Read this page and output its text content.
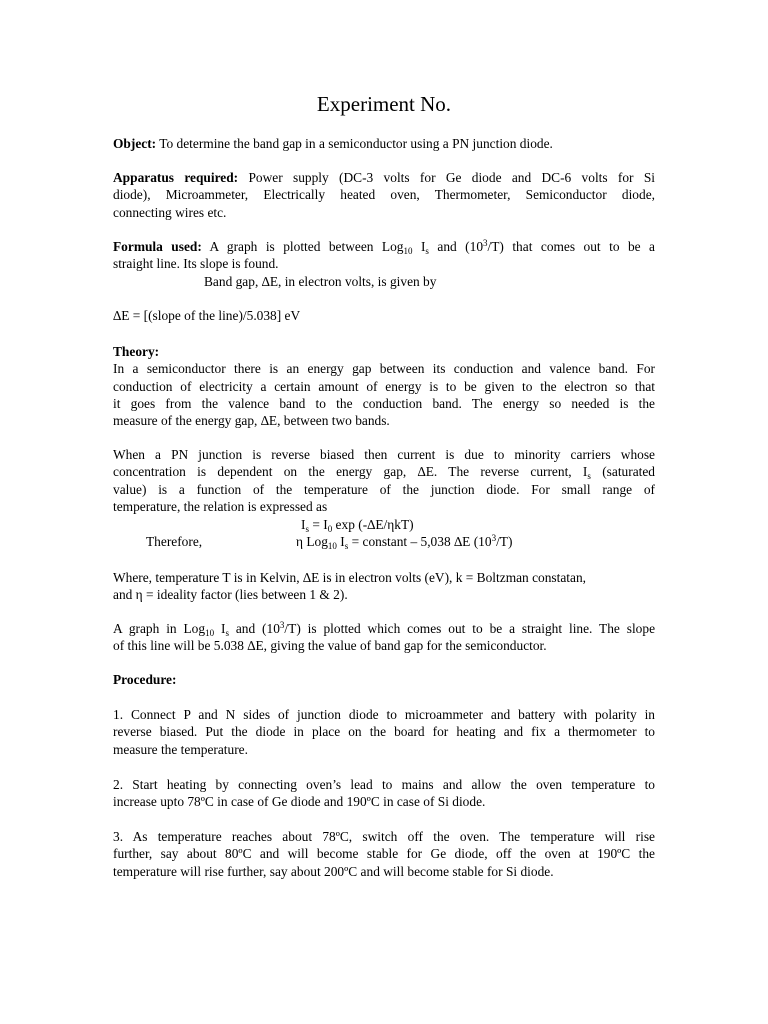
Experiment No.
Object: To determine the band gap in a semiconductor using a PN junction diode.
Apparatus required: Power supply (DC-3 volts for Ge diode and DC-6 volts for Si
diode), Microammeter, Electrically heated oven, Thermometer, Semiconductor diode,
connecting wires etc.
Formula used: A graph is plotted between Log$_{10}$ $I_s$ and $(10^3/T)$ that comes out to be a
straight line. Its slope is found.
Band gap, ∆E, in electron volts, is given by
∆E = [(slope of the line)/5.038] eV
Theory:
In a semiconductor there is an energy gap between its conduction and valence band. For
conduction of electricity a certain amount of energy is to be given to the electron so that
it goes from the valence band to the conduction band. The energy so needed is the
measure of the energy gap, ∆E, between two bands.
When a PN junction is reverse biased then current is due to minority carriers whose
concentration is dependent on the energy gap, ∆E. The reverse current, $I_s$ (saturated
value) is a function of the temperature of the junction diode. For small range of
temperature, the relation is expressed as
$I_s = I_0$ exp (-∆E/ηkT)
Therefore,	η Log$_{10}$ $I_s$ = constant – 5,038 ∆E $(10^3/T)$
Where, temperature T is in Kelvin, ∆E is in electron volts (eV), k = Boltzman constatan,
and η = ideality factor (lies between 1 & 2).
A graph in Log$_{10}$ $I_s$ and $(10^3/T)$ is plotted which comes out to be a straight line. The slope
of this line will be 5.038 ∆E, giving the value of band gap for the semiconductor.
Procedure:
1. Connect P and N sides of junction diode to microammeter and battery with polarity in
reverse biased. Put the diode in place on the board for heating and fix a thermometer to
measure the temperature.
2. Start heating by connecting oven’s lead to mains and allow the oven temperature to
increase upto 78ºC in case of Ge diode and 190ºC in case of Si diode.
3. As temperature reaches about 78ºC, switch off the oven. The temperature will rise
further, say about 80ºC and will become stable for Ge diode, off the oven at 190ºC the
temperature will rise further, say about 200ºC and will become stable for Si diode.
